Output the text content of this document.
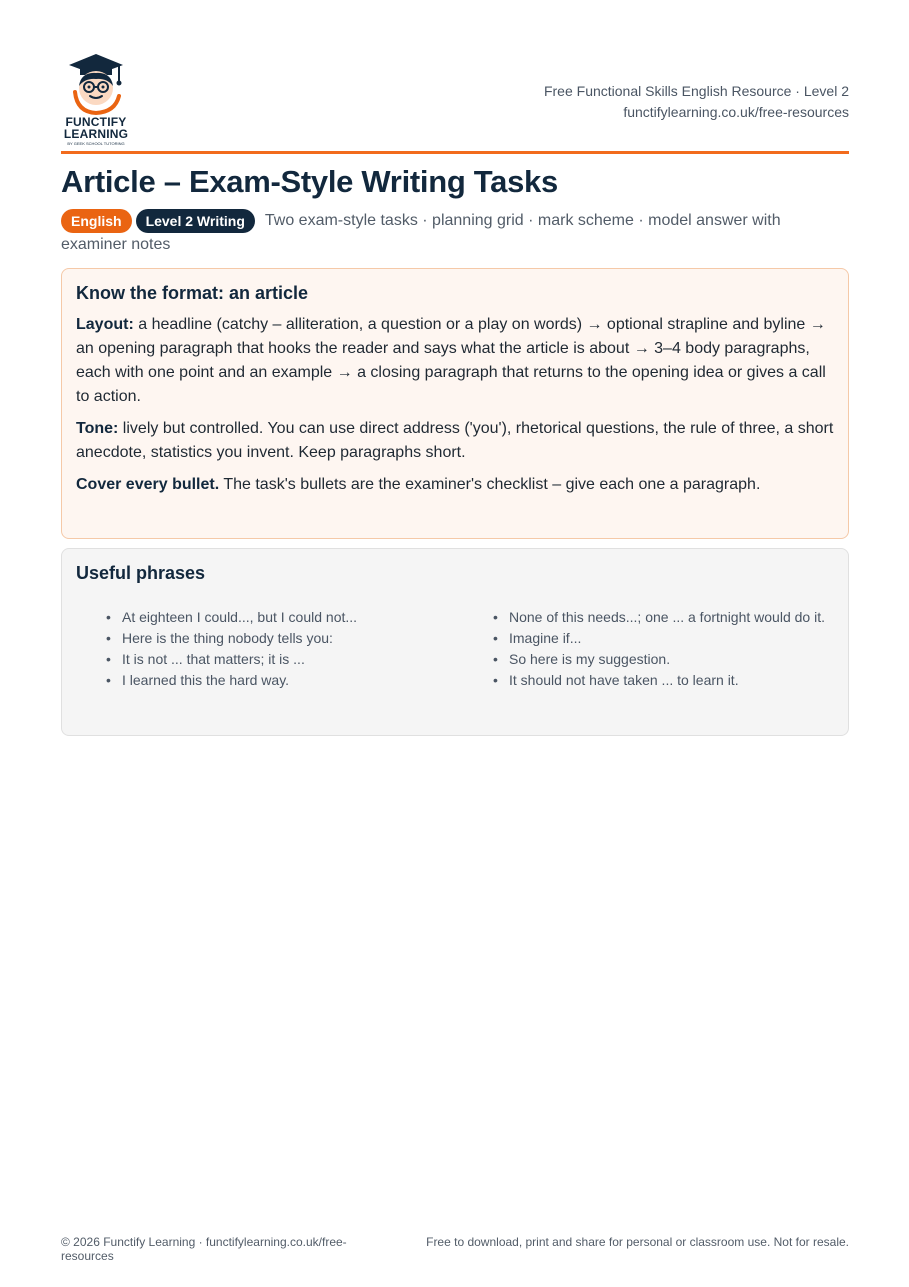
FUNCTIFY
LEARNING
BY GEEK SCHOOL TUTORING
Free Functional Skills English Resource · Level 2
functifylearning.co.uk/free-resources
Article – Exam-Style Writing Tasks
English Level 2 Writing Two exam-style tasks · planning grid · mark scheme · model answer with examiner notes
Know the format: an article

Layout: a headline (catchy – alliteration, a question or a play on words) → optional strapline and byline → an opening paragraph that hooks the reader and says what the article is about → 3–4 body paragraphs, each with one point and an example → a closing paragraph that returns to the opening idea or gives a call to action.

Tone: lively but controlled. You can use direct address ('you'), rhetorical questions, the rule of three, a short anecdote, statistics you invent. Keep paragraphs short.

Cover every bullet. The task's bullets are the examiner's checklist – give each one a paragraph.

Useful phrases
• At eighteen I could..., but I could not...
• Here is the thing nobody tells you:
• It is not ... that matters; it is ...
• I learned this the hard way.
• None of this needs...; one ... a fortnight would do it.
• Imagine if...
• So here is my suggestion.
• It should not have taken ... to learn it.
© 2026 Functify Learning · functifylearning.co.uk/free-resources
Free to download, print and share for personal or classroom use. Not for resale.
